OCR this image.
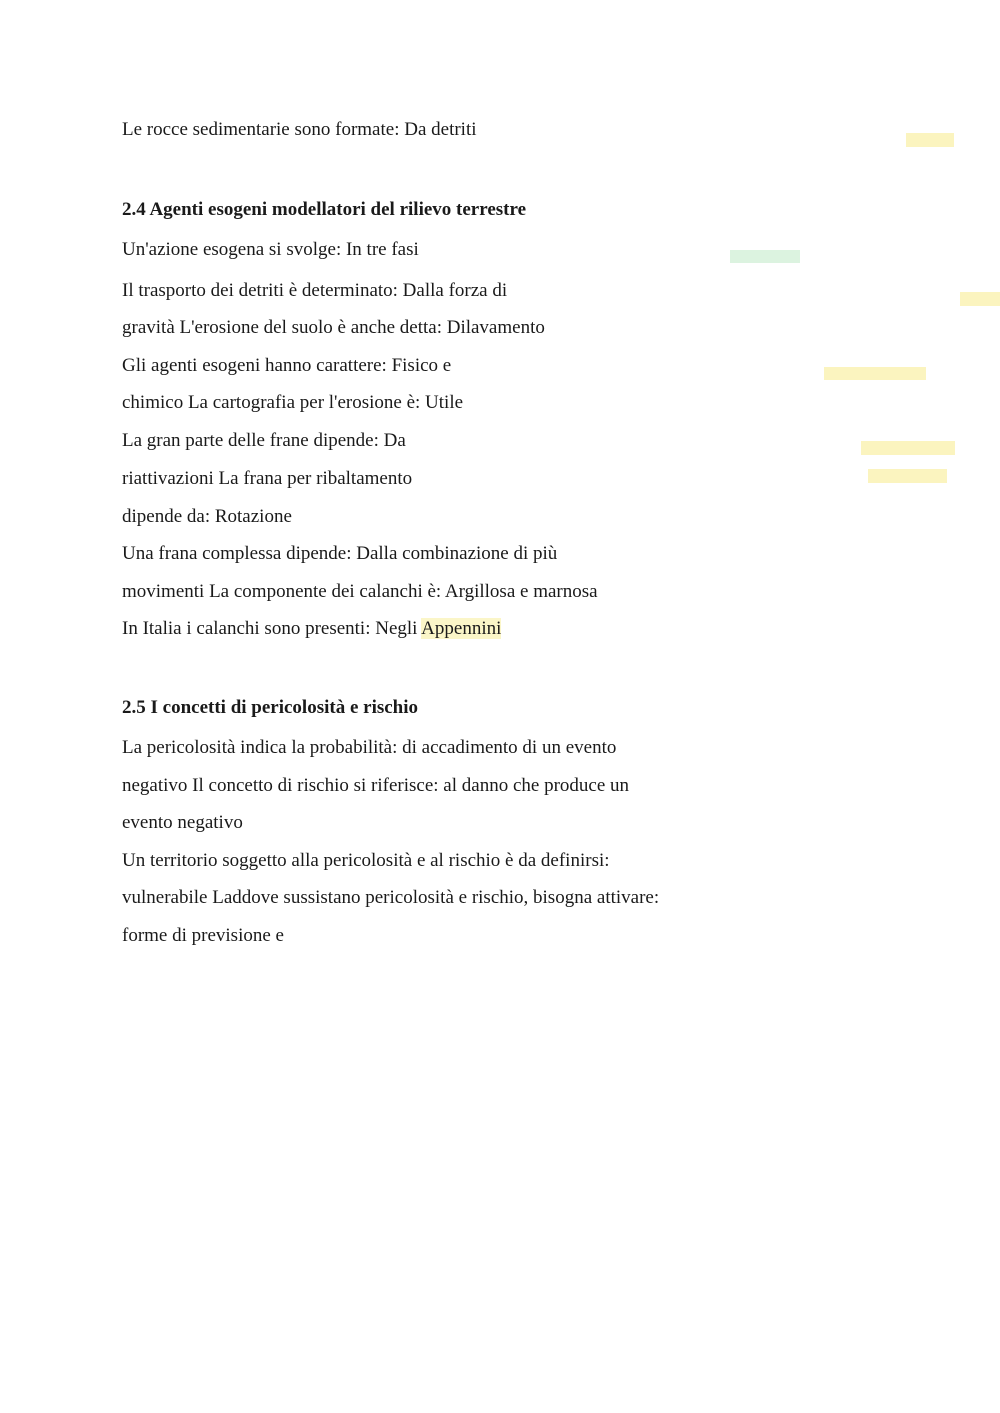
Le rocce sedimentarie sono formate: Da detriti
2.4 Agenti esogeni modellatori del rilievo terrestre
Un'azione esogena si svolge: In tre fasi
Il trasporto dei detriti è determinato: Dalla forza di
gravità L'erosione del suolo è anche detta: Dilavamento
Gli agenti esogeni hanno carattere: Fisico e
chimico La cartografia per l'erosione è: Utile
La gran parte delle frane dipende: Da
riattivazioni La frana per ribaltamento
dipende da: Rotazione
Una frana complessa dipende: Dalla combinazione di più
movimenti La componente dei calanchi è: Argillosa e marnosa
In Italia i calanchi sono presenti: Negli Appennini
2.5 I concetti di pericolosità e rischio
La pericolosità indica la probabilità: di accadimento di un evento
negativo Il concetto di rischio si riferisce: al danno che produce un
evento negativo
Un territorio soggetto alla pericolosità e al rischio è da definirsi:
vulnerabile Laddove sussistano pericolosità e rischio, bisogna attivare:
forme di previsione e
